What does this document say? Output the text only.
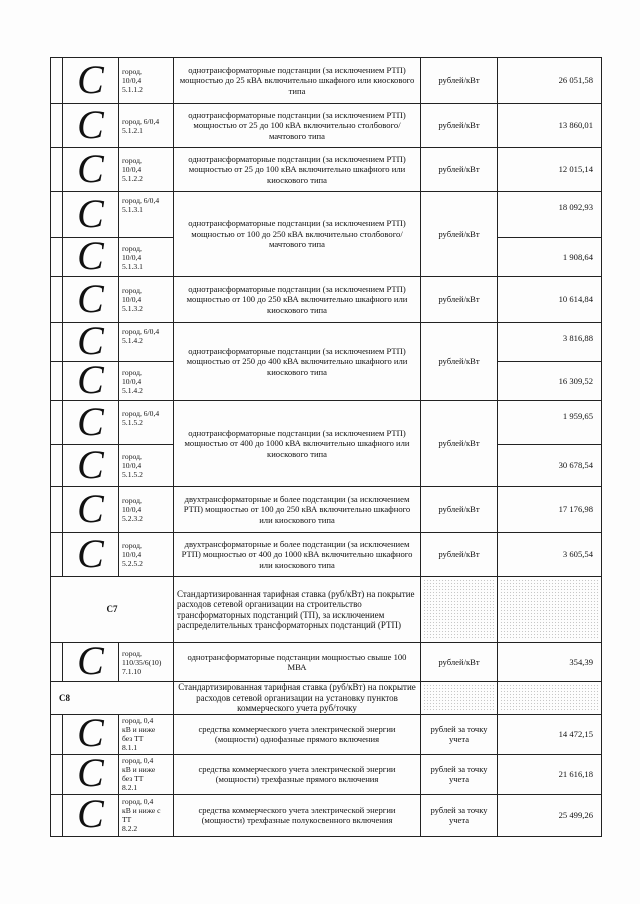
	C	город,
10/0,4
5.1.1.2	однотрансформаторные подстанции (за исключением РТП) мощностью до 25 кВА включительно шкафного или киоскового типа	рублей/кВт	26 051,58

	C	город, 6/0,4
5.1.2.1	однотрансформаторные подстанции (за исключением РТП) мощностью от 25 до 100 кВА включительно столбового/мачтового типа	рублей/кВт	13 860,01

	C	город,
10/0,4
5.1.2.2	однотрансформаторные подстанции (за исключением РТП) мощностью от 25 до 100 кВА включительно шкафного или киоскового типа	рублей/кВт	12 015,14

	C	город, 6/0,4
5.1.3.1	однотрансформаторные подстанции (за исключением РТП) мощностью от 100 до 250 кВА включительно столбового/мачтового типа	рублей/кВт	18 092,93

	C	город,
10/0,4
5.1.3.1			1 908,64

	C	город,
10/0,4
5.1.3.2	однотрансформаторные подстанции (за исключением РТП) мощностью от 100 до 250 кВА включительно шкафного или киоскового типа	рублей/кВт	10 614,84

	C	город, 6/0,4
5.1.4.2	однотрансформаторные подстанции (за исключением РТП) мощностью от 250 до 400 кВА включительно шкафного или киоскового типа	рублей/кВт	3 816,88

	C	город,
10/0,4
5.1.4.2			16 309,52

	C	город, 6/0,4
5.1.5.2	однотрансформаторные подстанции (за исключением РТП) мощностью от 400 до 1000 кВА включительно шкафного или киоскового типа	рублей/кВт	1 959,65

	C	город,
10/0,4
5.1.5.2			30 678,54

	C	город,
10/0,4
5.2.3.2	двухтрансформаторные и более подстанции (за исключением РТП) мощностью от 100 до 250 кВА включительно шкафного или киоскового типа	рублей/кВт	17 176,98

	C	город,
10/0,4
5.2.5.2	двухтрансформаторные и более подстанции (за исключением РТП) мощностью от 400 до 1000 кВА включительно шкафного или киоскового типа	рублей/кВт	3 605,54
С7			Стандартизированная тарифная ставка (руб/кВт) на покрытие расходов сетевой организации на строительство трансформаторных подстанций (ТП), за исключением распределительных трансформаторных подстанций (РТП)	

	C	город,
110/35/6(10)
7.1.10	однотрансформаторные подстанции мощностью свыше 100 МВА	рублей/кВт	354,39
С8			Стандартизированная тарифная ставка (руб/кВт) на покрытие расходов сетевой организации на установку пунктов коммерческого учета руб/точку	

	C	город, 0,4
кВ и ниже
без ТТ
8.1.1	средства коммерческого учета электрической энергии (мощности) однофазные прямого включения	рублей за точку учета	14 472,15

	C	город, 0,4
кВ и ниже
без ТТ
8.2.1	средства коммерческого учета электрической энергии (мощности) трехфазные прямого включения	рублей за точку учета	21 616,18

	C	город, 0,4
кВ и ниже с
ТТ
8.2.2	средства коммерческого учета электрической энергии (мощности) трехфазные полукосвенного включения	рублей за точку учета	25 499,26
